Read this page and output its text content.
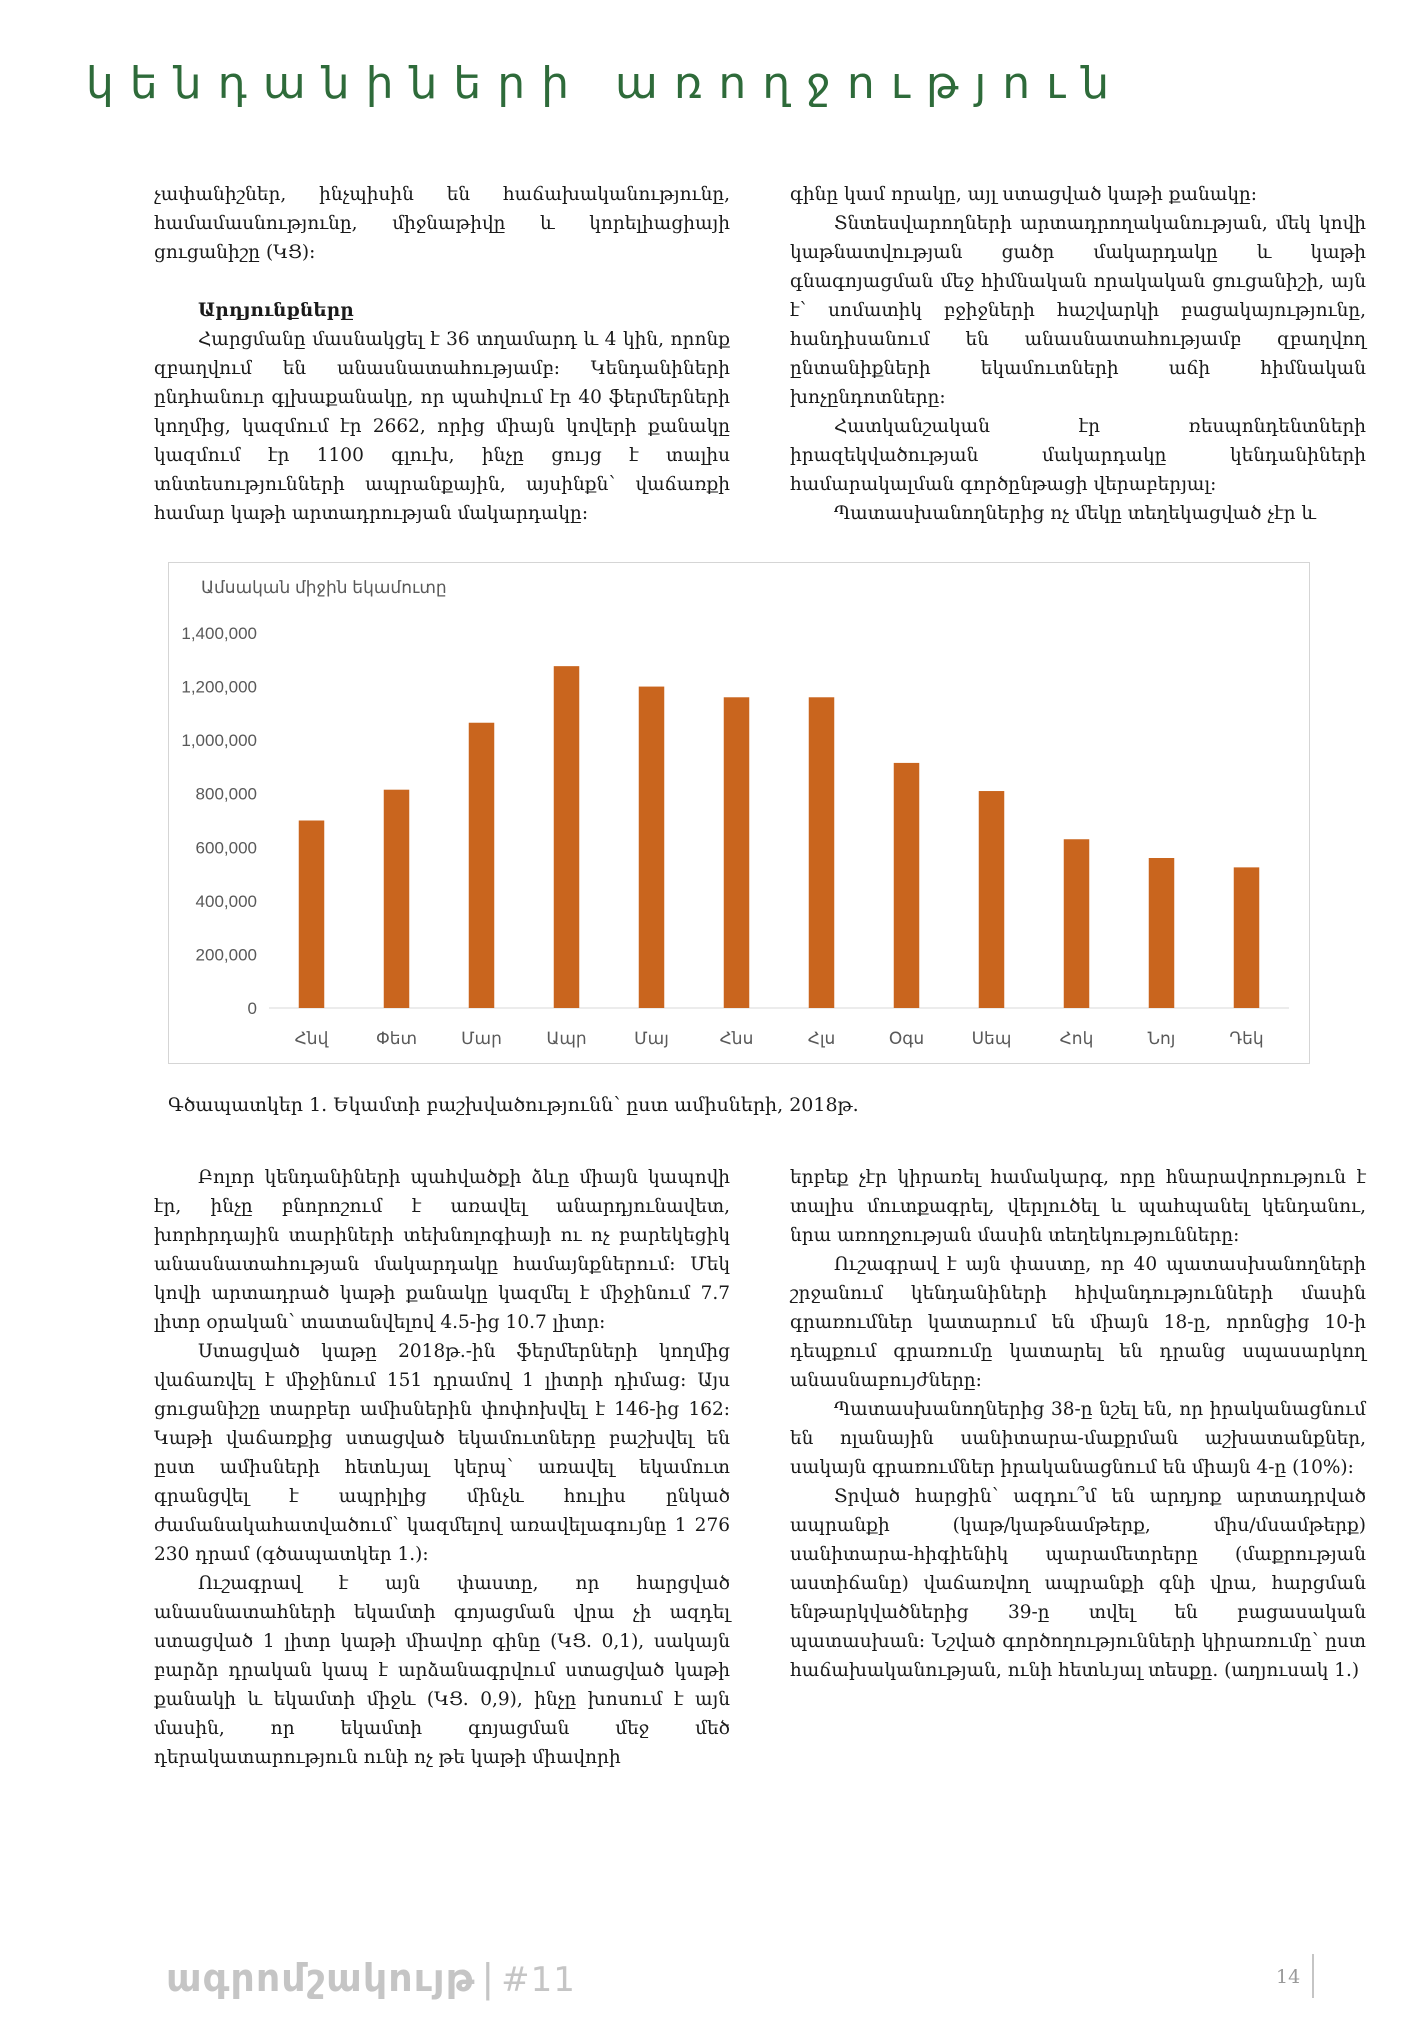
կենդանիների առողջություն

չափանիշներ, ինչպիսին են հաճախականությունը, համամասնությունը, միջնաթիվը և կորելիացիայի ցուցանիշը (ԿՑ):

Արդյունքները

Հարցմանը մասնակցել է 36 տղամարդ և 4 կին, որոնք զբաղվում են անասնատահությամբ: Կենդանիների ընդհանուր գլխաքանակը, որ պահվում էր 40 ֆերմերների կողմից, կազմում էր 2662, որից միայն կովերի քանակը կազմում էր 1100 գլուխ, ինչը ցույց է տալիս տնտեսությունների ապրանքային, այսինքն՝ վաճառքի համար կաթի արտադրության մակարդակը:

գինը կամ որակը, այլ ստացված կաթի քանակը:

Տնտեսվարողների արտադրողականության, մեկ կովի կաթնատվության ցածր մակարդակը և կաթի գնագոյացման մեջ հիմնական որակական ցուցանիշի, այն է՝ սոմատիկ բջիջների հաշվարկի բացակայությունը, հանդիսանում են անասնատահությամբ զբաղվող ընտանիքների եկամուտների աճի հիմնական խոչընդոտները:

Հատկանշական էր ռեսպոնդենտների իրազեկվածության մակարդակը կենդանիների համարակալման գործընթացի վերաբերյալ:

Պատասխանողներից ոչ մեկը տեղեկացված չէր և

Ամսական միջին եկամուտը
0
200,000
400,000
600,000
800,000
1,000,000
1,200,000
1,400,000
Հնվ	Փետ	Մար	Ապր	Մայ	Հնս	Հլս	Օգս	Սեպ	Հոկ	Նոյ	Դեկ
Գծապատկեր 1. Եկամտի բաշխվածությունն՝ ըստ ամիսների, 2018թ.

Բոլոր կենդանիների պահվածքի ձևը միայն կապովի էր, ինչը բնորոշում է առավել անարդյունավետ, խորհրդային տարիների տեխնոլոգիայի ու ոչ բարեկեցիկ անասնատահության մակարդակը համայնքներում: Մեկ կովի արտադրած կաթի քանակը կազմել է միջինում 7.7 լիտր օրական՝ տատանվելով 4.5-ից 10.7 լիտր:

Ստացված կաթը 2018թ.-ին ֆերմերների կողմից վաճառվել է միջինում 151 դրամով 1 լիտրի դիմաց: Այս ցուցանիշը տարբեր ամիսներին փոփոխվել է 146-ից 162: Կաթի վաճառքից ստացված եկամուտները բաշխվել են ըստ ամիսների հետևյալ կերպ՝ առավել եկամուտ գրանցվել է ապրիլից մինչև հուլիս ընկած ժամանակահատվածում՝ կազմելով առավելագույնը 1 276 230 դրամ (գծապատկեր 1.):

Ուշագրավ է այն փաստը, որ հարցված անասնատահների եկամտի գոյացման վրա չի ազդել ստացված 1 լիտր կաթի միավոր գինը (ԿՑ. 0,1), սակայն բարձր դրական կապ է արձանագրվում ստացված կաթի քանակի և եկամտի միջև (ԿՑ. 0,9), ինչը խոսում է այն մասին, որ եկամտի գոյացման մեջ մեծ դերակատարություն ունի ոչ թե կաթի միավորի

երբեք չէր կիրառել համակարգ, որը հնարավորություն է տալիս մուտքագրել, վերլուծել և պահպանել կենդանու, նրա առողջության մասին տեղեկությունները:

Ուշագրավ է այն փաստը, որ 40 պատասխանողների շրջանում կենդանիների հիվանդությունների մասին գրառումներ կատարում են միայն 18-ը, որոնցից 10-ի դեպքում գրառումը կատարել են դրանց սպասարկող անասնաբույժները:

Պատասխանողներից 38-ը նշել են, որ իրականացնում են ոլանային սանիտարա-մաքրման աշխատանքներ, սակայն գրառումներ իրականացնում են միայն 4-ը (10%):

Տրված հարցին՝ ազդու՞մ են արդյոք արտադրված ապրանքի (կաթ/կաթնամթերք, միս/մսամթերք) սանիտարա-հիգիենիկ պարամետրերը (մաքրության աստիճանը) վաճառվող ապրանքի գնի վրա, հարցման ենթարկվածներից 39-ը տվել են բացասական պատասխան: Նշված գործողությունների կիրառումը՝ ըստ հաճախականության, ունի հետևյալ տեսքը. (աղյուսակ 1.)

ագրոմշակույթ | #11	14
